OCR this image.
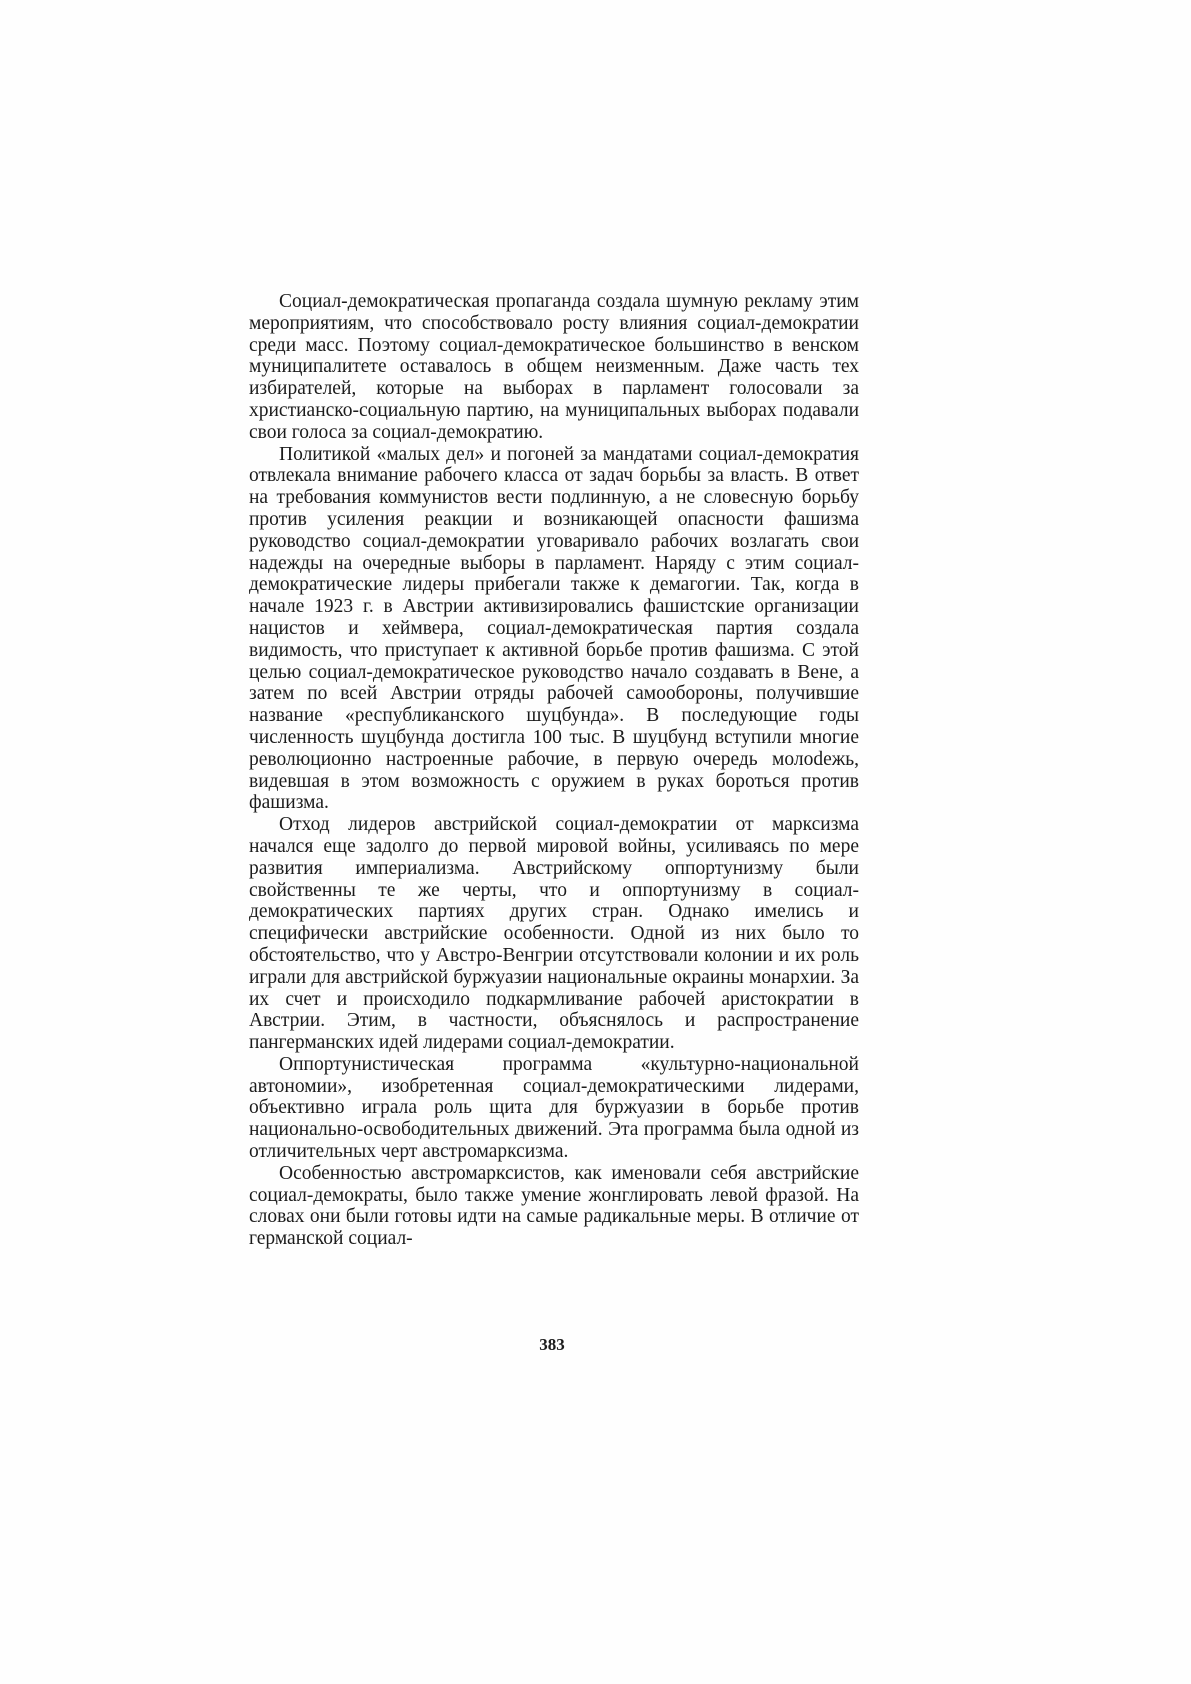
Социал-демократическая пропаганда создала шумную рекламу этим мероприятиям, что способствовало росту влияния социал-демократии среди масс. Поэтому социал-демократическое большинство в венском муниципалитете оставалось в общем неизменным. Даже часть тех избирателей, которые на выборах в парламент голосовали за христианско-социальную партию, на муниципальных выборах подавали свои голоса за социал-демократию.

Политикой «малых дел» и погоней за мандатами социал-демократия отвлекала внимание рабочего класса от задач борьбы за власть. В ответ на требования коммунистов вести подлинную, а не словесную борьбу против усиления реакции и возникающей опасности фашизма руководство социал-демократии уговаривало рабочих возлагать свои надежды на очередные выборы в парламент. Наряду с этим социал-демократические лидеры прибегали также к демагогии. Так, когда в начале 1923 г. в Австрии активизировались фашистские организации нацистов и хеймвера, социал-демократическая партия создала видимость, что приступает к активной борьбе против фашизма. С этой целью социал-демократическое руководство начало создавать в Вене, а затем по всей Австрии отряды рабочей самообороны, получившие название «республиканского шуцбунда». В последующие годы численность шуцбунда достигла 100 тыс. В шуцбунд вступили многие революционно настроенные рабочие, в первую очередь молоdежь, видевшая в этом возможность с оружием в руках бороться против фашизма.

Отход лидеров австрийской социал-демократии от марксизма начался еще задолго до первой мировой войны, усиливаясь по мере развития империализма. Австрийскому оппортунизму были свойственны те же черты, что и оппортунизму в социал-демократических партиях других стран. Однако имелись и специфически австрийские особенности. Одной из них было то обстоятельство, что у Австро-Венгрии отсутствовали колонии и их роль играли для австрийской буржуазии национальные окраины монархии. За их счет и происходило подкармливание рабочей аристократии в Австрии. Этим, в частности, объяснялось и распространение пангерманских идей лидерами социал-демократии.

Оппортунистическая программа «культурно-национальной автономии», изобретенная социал-демократическими лидерами, объективно играла роль щита для буржуазии в борьбе против национально-освободительных движений. Эта программа была одной из отличительных черт австромарксизма.

Особенностью австромарксистов, как именовали себя австрийские социал-демократы, было также умение жонглировать левой фразой. На словах они были готовы идти на самые радикальные меры. В отличие от германской социал-

383
